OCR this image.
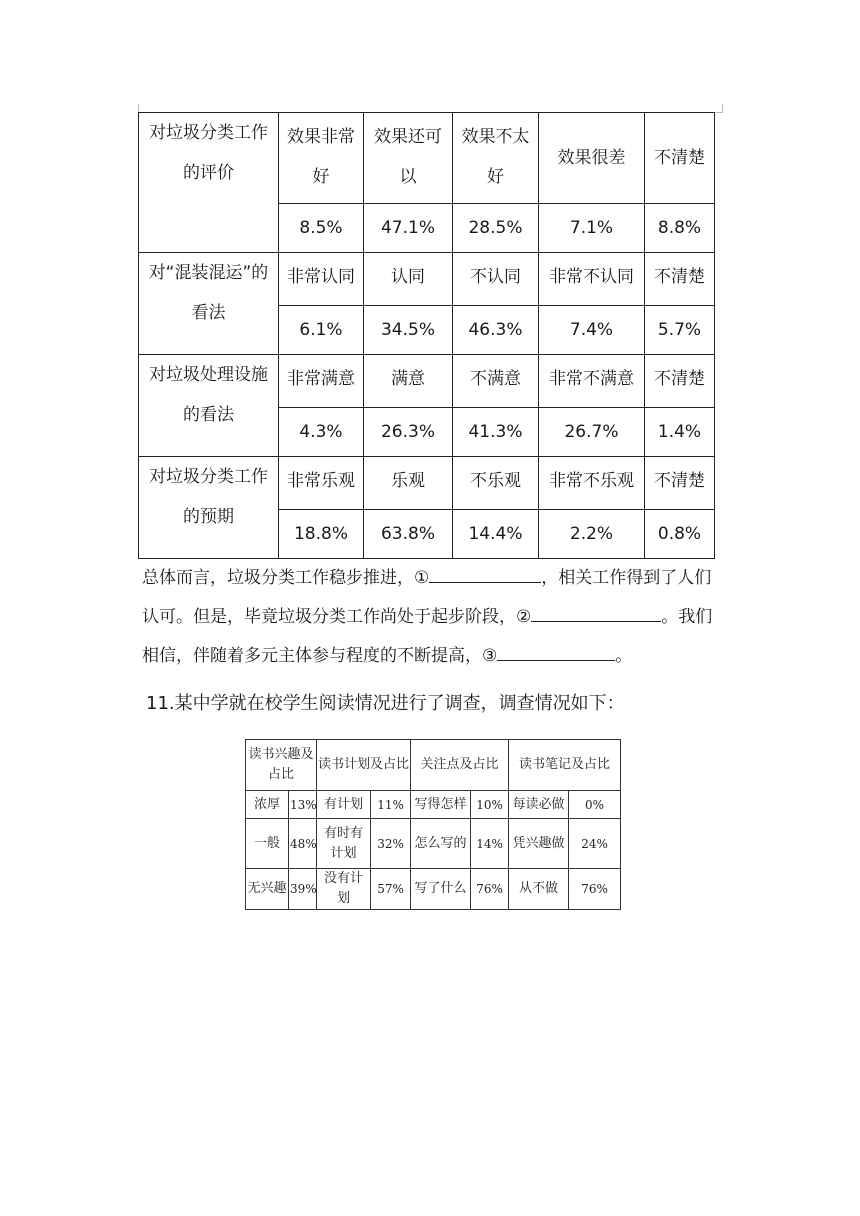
对垃圾分类工作的评价	效果非常好	效果还可以	效果不太好	效果很差	不清楚
	8.5%	47.1%	28.5%	7.1%	8.8%
对“混装混运”的看法	非常认同	认同	不认同	非常不认同	不清楚
	6.1%	34.5%	46.3%	7.4%	5.7%
对垃圾处理设施的看法	非常满意	满意	不满意	非常不满意	不清楚
	4.3%	26.3%	41.3%	26.7%	1.4%
对垃圾分类工作的预期	非常乐观	乐观	不乐观	非常不乐观	不清楚
	18.8%	63.8%	14.4%	2.2%	0.8%
总体而言，垃圾分类工作稳步推进，①	，相关工作得到了人们
认可。但是，毕竟垃圾分类工作尚处于起步阶段，②	。我们
相信，伴随着多元主体参与程度的不断提高，③	。
11.某中学就在校学生阅读情况进行了调查，调查情况如下：
读书兴趣及占比		读书计划及占比		关注点及占比		读书笔记及占比	
浓厚	13%	有计划	11%	写得怎样	10%	每读必做	0%
一般	48%	有时有计划	32%	怎么写的	14%	凭兴趣做	24%
无兴趣	39%	没有计划	57%	写了什么	76%	从不做	76%
